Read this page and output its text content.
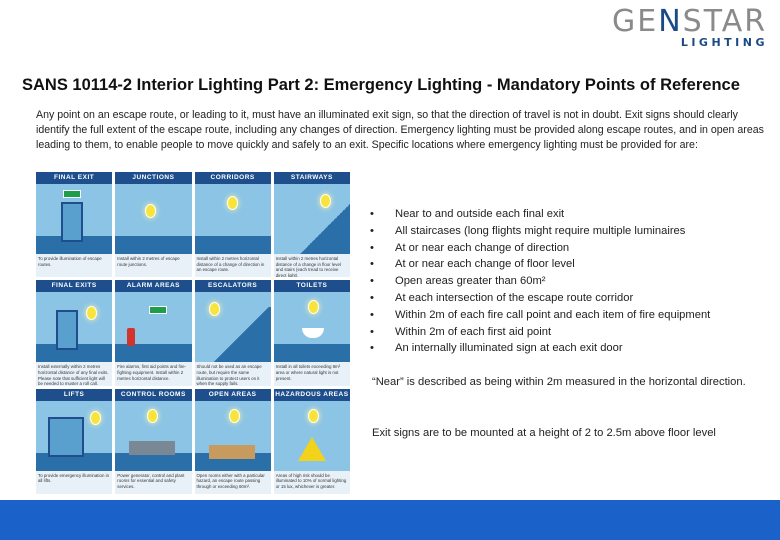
GENSTAR
LIGHTING
SANS 10114-2 Interior Lighting Part 2: Emergency Lighting - Mandatory Points of Reference

Any point on an escape route, or leading to it, must have an illuminated exit sign, so that the direction of travel is not in doubt. Exit signs should clearly identify the full extent of the escape route, including any changes of direction. Emergency lighting must be provided along escape routes, and in open areas leading to them, to enable people to move quickly and safely to an exit. Specific locations where emergency lighting must be provided for are:

FINAL EXIT
To provide illumination of escape routes.
JUNCTIONS
Install within 2 metres of escape route junctions.
CORRIDORS
Install within 2 metres horizontal distance of a change of direction in an escape route.
STAIRWAYS
Install within 2 metres horizontal distance of a change in floor level and stairs (each tread to receive direct light).
FINAL EXITS
Install externally within 2 metres horizontal distance of any final exits. Please note that sufficient light will be needed to muster a roll call.
ALARM AREAS
Fire alarms, first aid points and fire-fighting equipment. Install within 2 metres horizontal distance.
ESCALATORS
Should not be used as an escape route, but require the same illumination to protect users on it when the supply fails.
TOILETS
Install in all toilets exceeding 8m² area or where natural light is not present.
LIFTS
To provide emergency illumination in all lifts.
CONTROL ROOMS
Power generator, control and plant rooms for essential and safety services.
OPEN AREAS
Open rooms either with a particular hazard, an escape route passing through or exceeding 60m².
HAZARDOUS AREAS
Areas of high risk should be illuminated to 10% of normal lighting or 15 lux, whichever is greater.
• Near to and outside each final exit
• All staircases (long flights might require multiple luminaires
• At or near each change of direction
• At or near each change of floor level
• Open areas greater than 60m²
• At each intersection of the escape route corridor
• Within 2m of each fire call point and each item of fire equipment
• Within 2m of each first aid point
• An internally illuminated sign at each exit door

“Near” is described as being within 2m measured in the horizontal direction.

Exit signs are to be mounted at a height of 2 to 2.5m above floor level
